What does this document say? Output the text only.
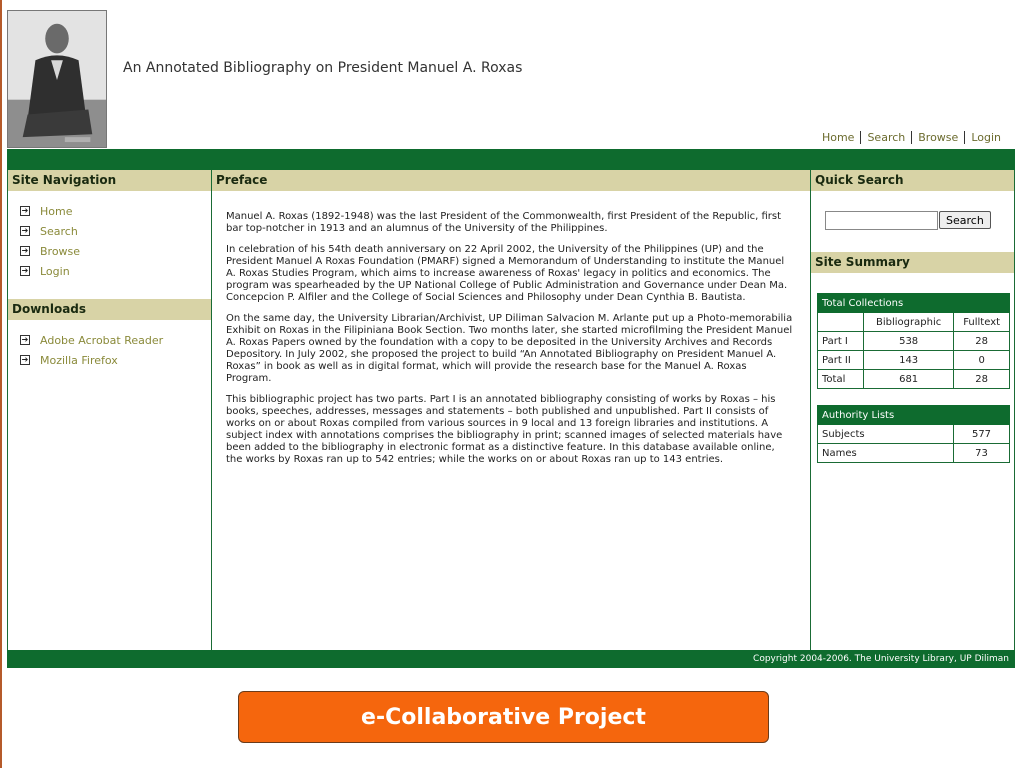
An Annotated Bibliography on President Manuel A. Roxas
Home	Search	Browse	Login
Site Navigation
➔ Home
➔ Search
➔ Browse
➔ Login
Downloads
➔ Adobe Acrobat Reader
➔ Mozilla Firefox
Preface

Manuel A. Roxas (1892-1948) was the last President of the Commonwealth, first President of the Republic, first bar top-notcher in 1913 and an alumnus of the University of the Philippines.

In celebration of his 54th death anniversary on 22 April 2002, the University of the Philippines (UP) and the President Manuel A Roxas Foundation (PMARF) signed a Memorandum of Understanding to institute the Manuel A. Roxas Studies Program, which aims to increase awareness of Roxas' legacy in politics and economics. The program was spearheaded by the UP National College of Public Administration and Governance under Dean Ma. Concepcion P. Alfiler and the College of Social Sciences and Philosophy under Dean Cynthia B. Bautista.

On the same day, the University Librarian/Archivist, UP Diliman Salvacion M. Arlante put up a Photo-memorabilia Exhibit on Roxas in the Filipiniana Book Section. Two months later, she started microfilming the President Manuel A. Roxas Papers owned by the foundation with a copy to be deposited in the University Archives and Records Depository. In July 2002, she proposed the project to build “An Annotated Bibliography on President Manuel A. Roxas” in book as well as in digital format, which will provide the research base for the Manuel A. Roxas Program.

This bibliographic project has two parts. Part I is an annotated bibliography consisting of works by Roxas – his books, speeches, addresses, messages and statements – both published and unpublished. Part II consists of works on or about Roxas compiled from various sources in 9 local and 13 foreign libraries and institutions. A subject index with annotations comprises the bibliography in print; scanned images of selected materials have been added to the bibliography in electronic format as a distinctive feature. In this database available online, the works by Roxas ran up to 542 entries; while the works on or about Roxas ran up to 143 entries.

Quick Search
Search
Site Summary
Total Collections		
	Bibliographic	Fulltext
Part I	538	28
Part II	143	0
Total	681	28
Authority Lists	
Subjects	577
Names	73
Copyright 2004-2006. The University Library, UP Diliman
e-Collaborative Project
